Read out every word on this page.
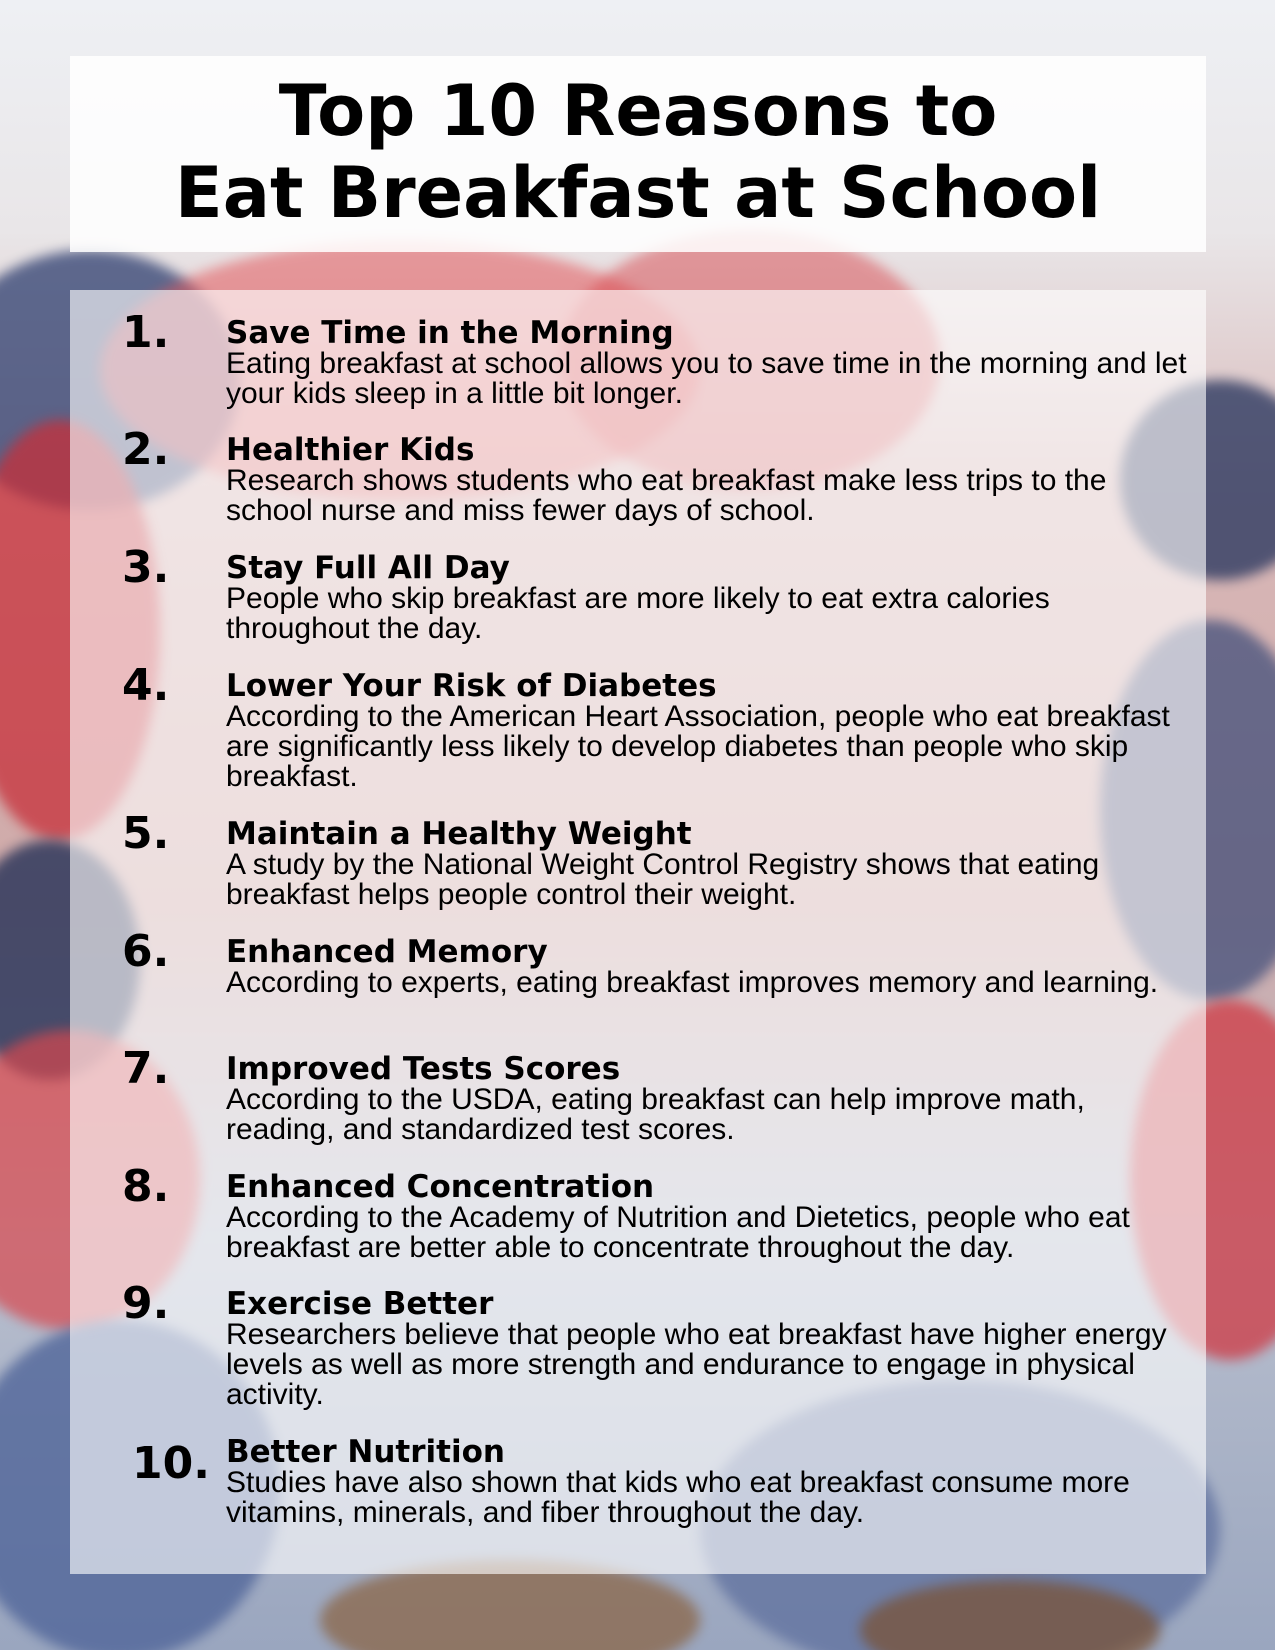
Top 10 Reasons to
Eat Breakfast at School
1. Save Time in the Morning
Eating breakfast at school allows you to save time in the morning and let your kids sleep in a little bit longer.
2. Healthier Kids
Research shows students who eat breakfast make less trips to the school nurse and miss fewer days of school.
3. Stay Full All Day
People who skip breakfast are more likely to eat extra calories throughout the day.
4. Lower Your Risk of Diabetes
According to the American Heart Association, people who eat breakfast are significantly less likely to develop diabetes than people who skip breakfast.
5. Maintain a Healthy Weight
A study by the National Weight Control Registry shows that eating breakfast helps people control their weight.
6. Enhanced Memory
According to experts, eating breakfast improves memory and learning.
7. Improved Tests Scores
According to the USDA, eating breakfast can help improve math, reading, and standardized test scores.
8. Enhanced Concentration
According to the Academy of Nutrition and Dietetics, people who eat breakfast are better able to concentrate throughout the day.
9. Exercise Better
Researchers believe that people who eat breakfast have higher energy levels as well as more strength and endurance to engage in physical activity.
10. Better Nutrition
Studies have also shown that kids who eat breakfast consume more vitamins, minerals, and fiber throughout the day.
